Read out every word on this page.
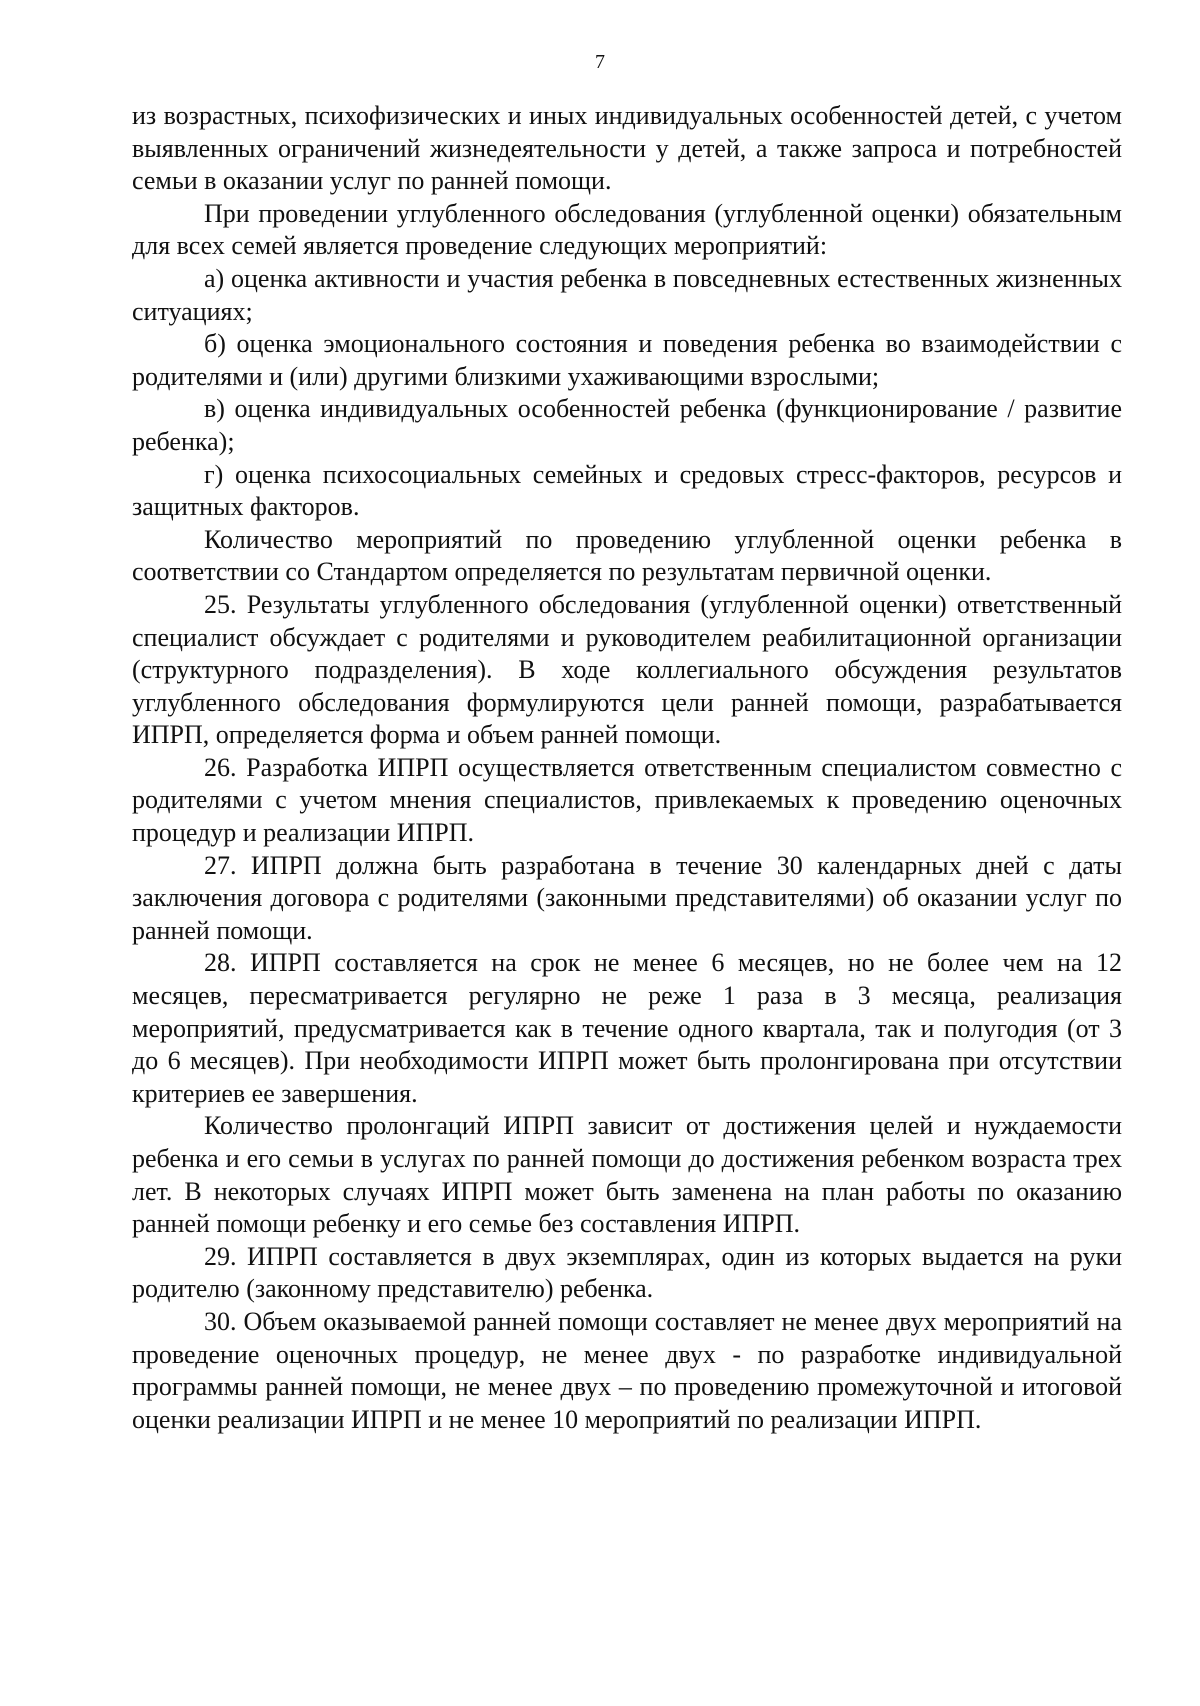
7

из возрастных, психофизических и иных индивидуальных особенностей детей, с учетом выявленных ограничений жизнедеятельности у детей, а также запроса и потребностей семьи в оказании услуг по ранней помощи.

При проведении углубленного обследования (углубленной оценки) обязательным для всех семей является проведение следующих мероприятий:

а) оценка активности и участия ребенка в повседневных естественных жизненных ситуациях;

б) оценка эмоционального состояния и поведения ребенка во взаимодействии с родителями и (или) другими близкими ухаживающими взрослыми;

в) оценка индивидуальных особенностей ребенка (функционирование / развитие ребенка);

г) оценка психосоциальных семейных и средовых стресс-факторов, ресурсов и защитных факторов.

Количество мероприятий по проведению углубленной оценки ребенка в соответствии со Стандартом определяется по результатам первичной оценки.

25. Результаты углубленного обследования (углубленной оценки) ответственный специалист обсуждает с родителями и руководителем реабилитационной организации (структурного подразделения). В ходе коллегиального обсуждения результатов углубленного обследования формулируются цели ранней помощи, разрабатывается ИПРП, определяется форма и объем ранней помощи.

26. Разработка ИПРП осуществляется ответственным специалистом совместно с родителями с учетом мнения специалистов, привлекаемых к проведению оценочных процедур и реализации ИПРП.

27. ИПРП должна быть разработана в течение 30 календарных дней с даты заключения договора с родителями (законными представителями) об оказании услуг по ранней помощи.

28. ИПРП составляется на срок не менее 6 месяцев, но не более чем на 12 месяцев, пересматривается регулярно не реже 1 раза в 3 месяца, реализация мероприятий, предусматривается как в течение одного квартала, так и полугодия (от 3 до 6 месяцев). При необходимости ИПРП может быть пролонгирована при отсутствии критериев ее завершения.

Количество пролонгаций ИПРП зависит от достижения целей и нуждаемости ребенка и его семьи в услугах по ранней помощи до достижения ребенком возраста трех лет. В некоторых случаях ИПРП может быть заменена на план работы по оказанию ранней помощи ребенку и его семье без составления ИПРП.

29. ИПРП составляется в двух экземплярах, один из которых выдается на руки родителю (законному представителю) ребенка.

30. Объем оказываемой ранней помощи составляет не менее двух мероприятий на проведение оценочных процедур, не менее двух - по разработке индивидуальной программы ранней помощи, не менее двух – по проведению промежуточной и итоговой оценки реализации ИПРП и не менее 10 мероприятий по реализации ИПРП.
